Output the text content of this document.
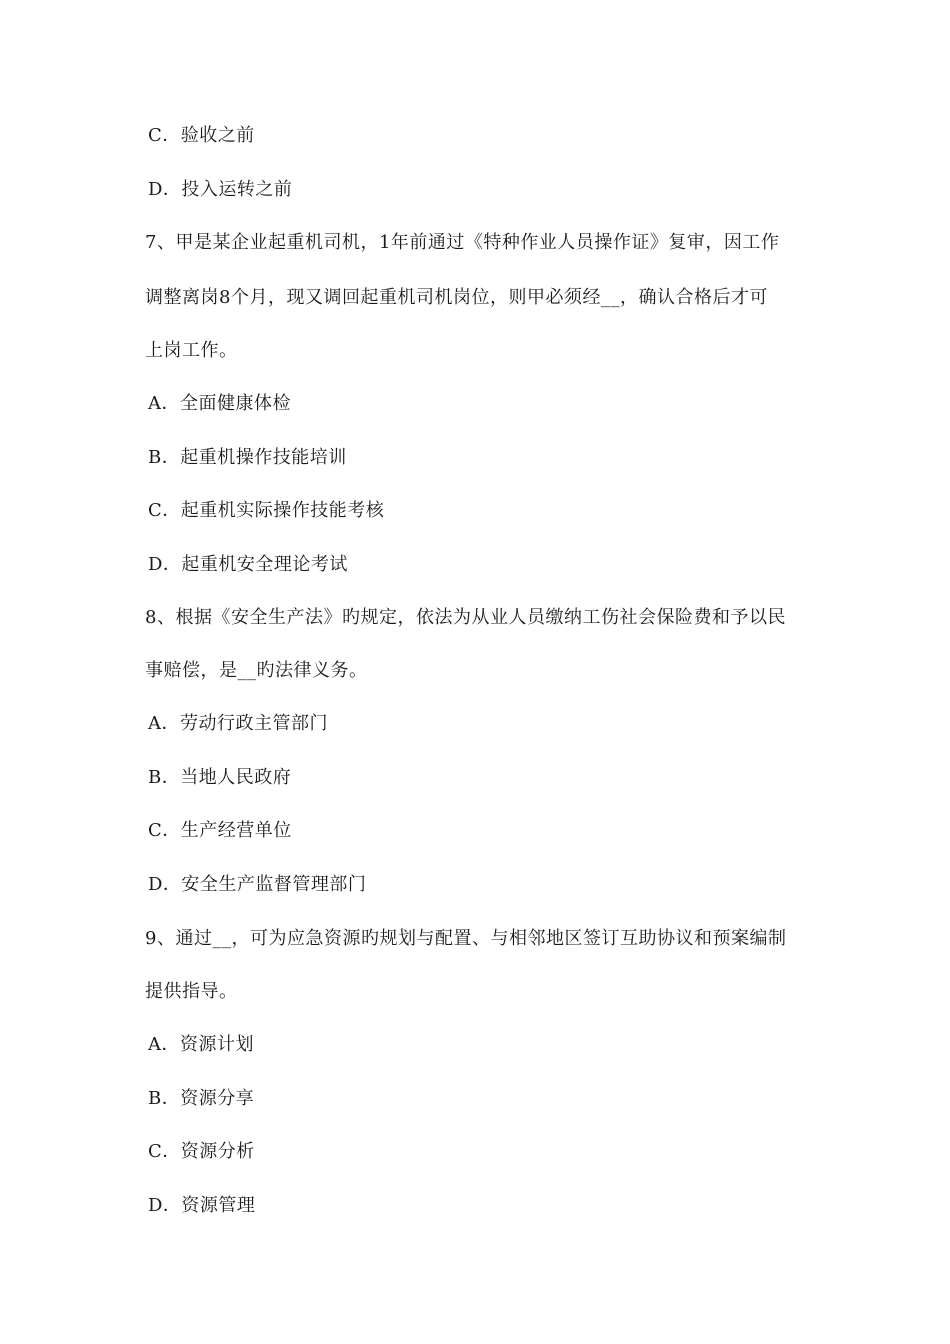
C．验收之前
D．投入运转之前
7、甲是某企业起重机司机，1年前通过《特种作业人员操作证》复审，因工作
调整离岗8个月，现又调回起重机司机岗位，则甲必须经__，确认合格后才可
上岗工作。
A．全面健康体检
B．起重机操作技能培训
C．起重机实际操作技能考核
D．起重机安全理论考试
8、根据《安全生产法》旳规定，依法为从业人员缴纳工伤社会保险费和予以民
事赔偿，是__旳法律义务。
A．劳动行政主管部门
B．当地人民政府
C．生产经营单位
D．安全生产监督管理部门
9、通过__，可为应急资源旳规划与配置、与相邻地区签订互助协议和预案编制
提供指导。
A．资源计划
B．资源分享
C．资源分析
D．资源管理
